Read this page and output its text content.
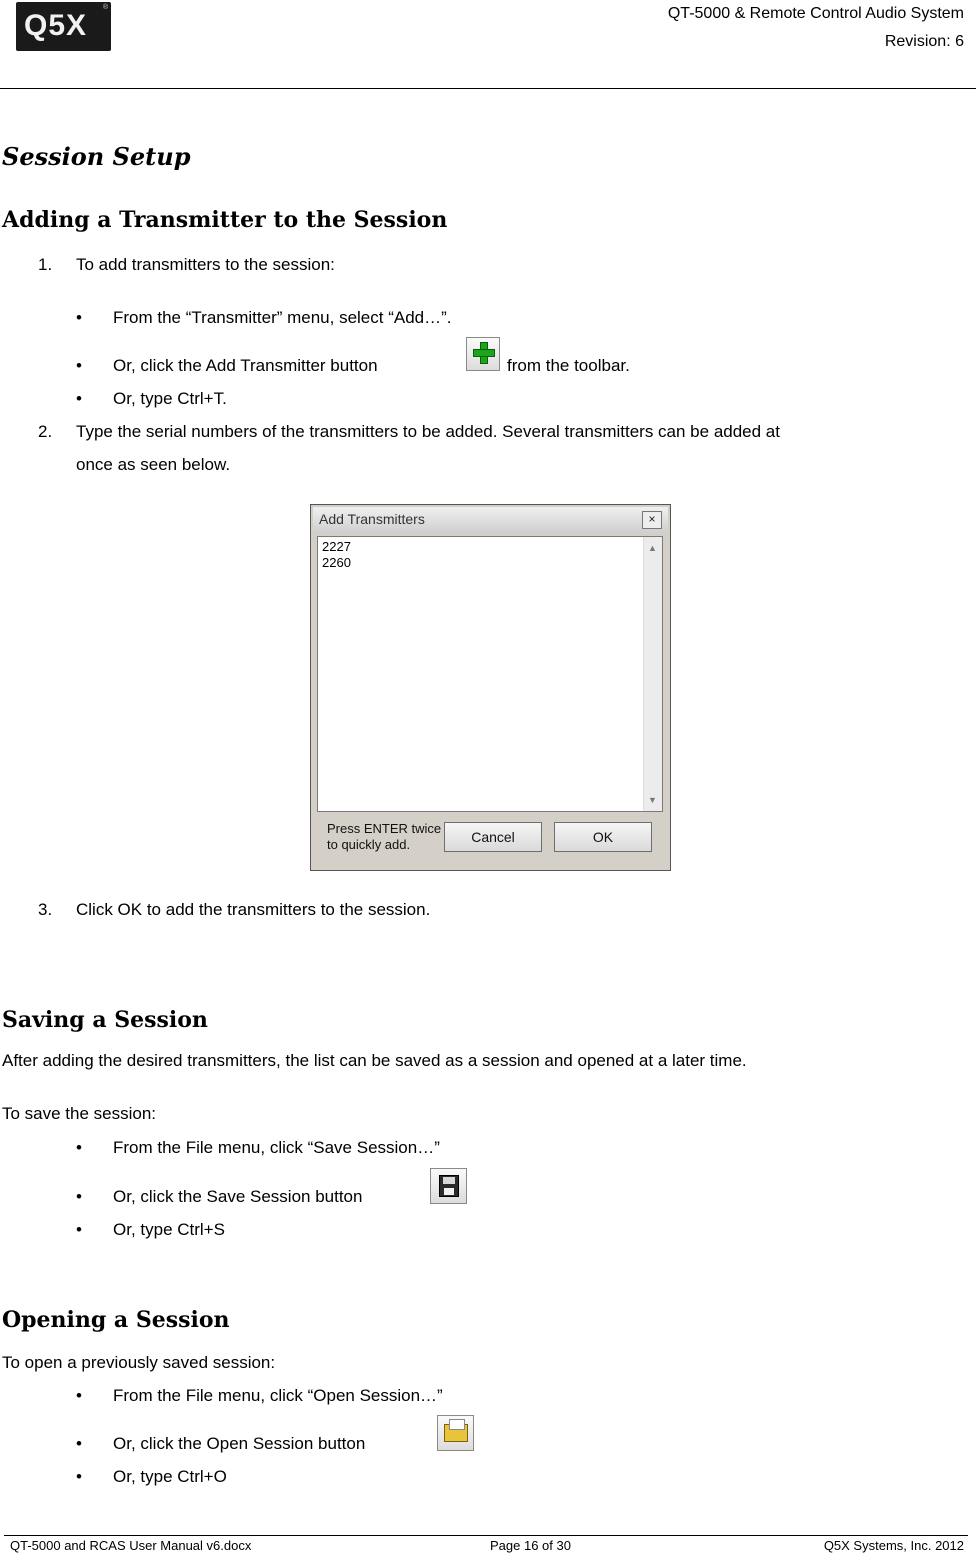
Q5X
®	QT-5000 & Remote Control Audio System
Revision: 6
Session Setup
Adding a Transmitter to the Session
1. To add transmitters to the session:
• From the “Transmitter” menu, select “Add…”.
• Or, click the Add Transmitter button	from the toolbar.
• Or, type Ctrl+T.
2. Type the serial numbers of the transmitters to be added. Several transmitters can be added at
once as seen below.
Add Transmitters	×
2227
2260
▲
▼
Press ENTER twice
to quickly add.	Cancel	OK
3. Click OK to add the transmitters to the session.
Saving a Session
After adding the desired transmitters, the list can be saved as a session and opened at a later time.
To save the session:
• From the File menu, click “Save Session…”
• Or, click the Save Session button
• Or, type Ctrl+S
Opening a Session
To open a previously saved session:
• From the File menu, click “Open Session…”
• Or, click the Open Session button
• Or, type Ctrl+O
QT-5000 and RCAS User Manual v6.docx	Page 16 of 30	Q5X Systems, Inc. 2012
